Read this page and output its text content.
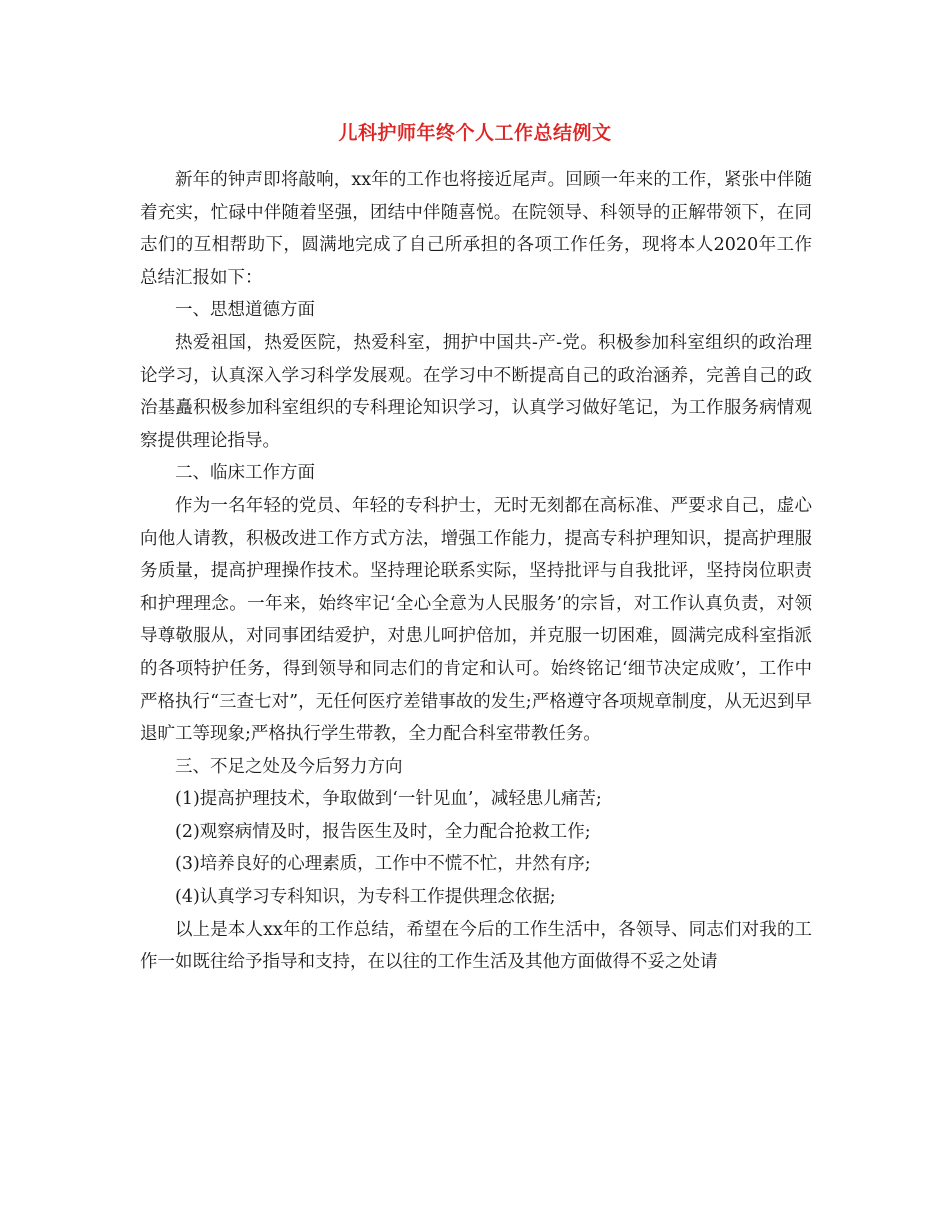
儿科护师年终个人工作总结例文

新年的钟声即将敲响，xx年的工作也将接近尾声。回顾一年来的工作，紧张中伴随着充实，忙碌中伴随着坚强，团结中伴随喜悦。在院领导、科领导的正解带领下，在同志们的互相帮助下，圆满地完成了自己所承担的各项工作任务，现将本人2020年工作总结汇报如下：

一、思想道德方面

热爱祖国，热爱医院，热爱科室，拥护中国共-产-党。积极参加科室组织的政治理论学习，认真深入学习科学发展观。在学习中不断提高自己的政治涵养，完善自己的政治基矗积极参加科室组织的专科理论知识学习，认真学习做好笔记，为工作服务病情观察提供理论指导。

二、临床工作方面

作为一名年轻的党员、年轻的专科护士，无时无刻都在高标准、严要求自己，虚心向他人请教，积极改进工作方式方法，增强工作能力，提高专科护理知识，提高护理服务质量，提高护理操作技术。坚持理论联系实际，坚持批评与自我批评，坚持岗位职责和护理理念。一年来，始终牢记‘全心全意为人民服务’的宗旨，对工作认真负责，对领导尊敬服从，对同事团结爱护，对患儿呵护倍加，并克服一切困难，圆满完成科室指派的各项特护任务，得到领导和同志们的肯定和认可。始终铭记‘细节决定成败’，工作中严格执行“三查七对”，无任何医疗差错事故的发生;严格遵守各项规章制度，从无迟到早退旷工等现象;严格执行学生带教，全力配合科室带教任务。

三、不足之处及今后努力方向

(1)提高护理技术，争取做到‘一针见血’，减轻患儿痛苦;

(2)观察病情及时，报告医生及时，全力配合抢救工作;

(3)培养良好的心理素质，工作中不慌不忙，井然有序;

(4)认真学习专科知识，为专科工作提供理念依据;

以上是本人xx年的工作总结，希望在今后的工作生活中，各领导、同志们对我的工作一如既往给予指导和支持，在以往的工作生活及其他方面做得不妥之处请
